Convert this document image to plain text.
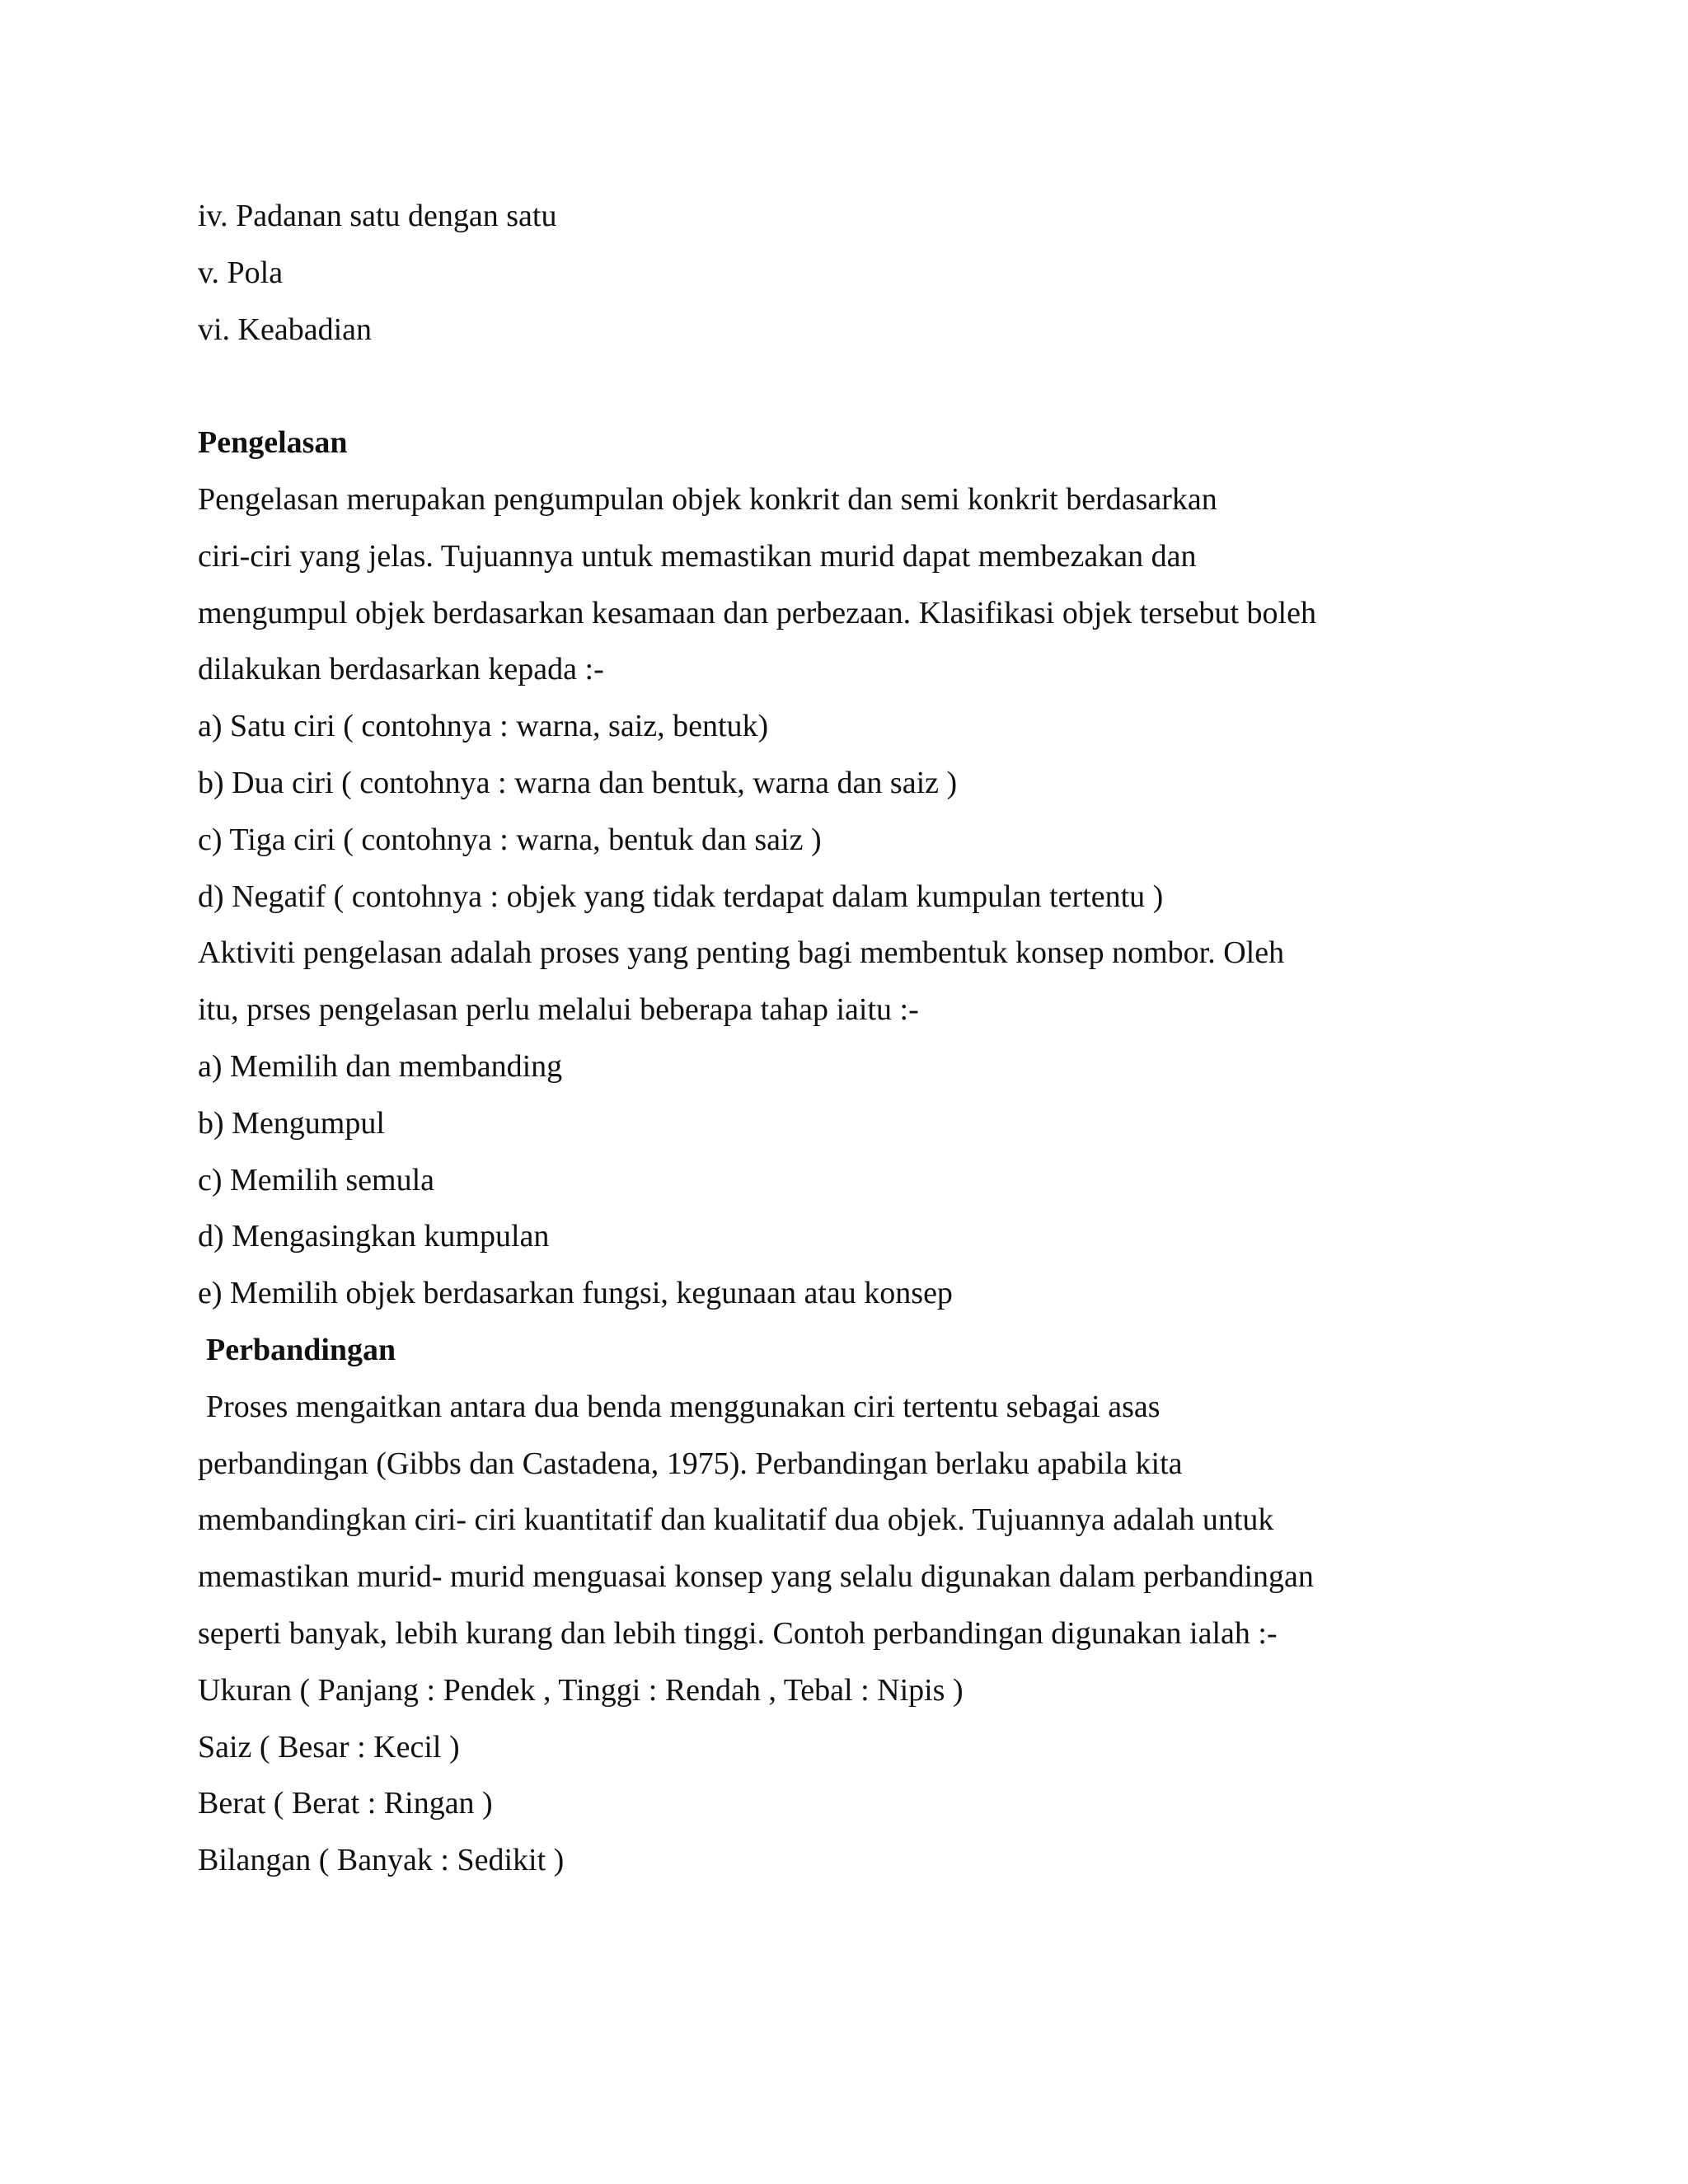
iv. Padanan satu dengan satu
v. Pola
vi. Keabadian
Pengelasan
Pengelasan merupakan pengumpulan objek konkrit dan semi konkrit berdasarkan
ciri-ciri yang jelas. Tujuannya untuk memastikan murid dapat membezakan dan
mengumpul objek berdasarkan kesamaan dan perbezaan. Klasifikasi objek tersebut boleh
dilakukan berdasarkan kepada :-
a) Satu ciri ( contohnya : warna, saiz, bentuk)
b) Dua ciri ( contohnya : warna dan bentuk, warna dan saiz )
c) Tiga ciri ( contohnya : warna, bentuk dan saiz )
d) Negatif ( contohnya : objek yang tidak terdapat dalam kumpulan tertentu )
Aktiviti pengelasan adalah proses yang penting bagi membentuk konsep nombor. Oleh
itu, prses pengelasan perlu melalui beberapa tahap iaitu :-
a) Memilih dan membanding
b) Mengumpul
c) Memilih semula
d) Mengasingkan kumpulan
e) Memilih objek berdasarkan fungsi, kegunaan atau konsep
Perbandingan
Proses mengaitkan antara dua benda menggunakan ciri tertentu sebagai asas
perbandingan (Gibbs dan Castadena, 1975). Perbandingan berlaku apabila kita
membandingkan ciri- ciri kuantitatif dan kualitatif dua objek. Tujuannya adalah untuk
memastikan murid- murid menguasai konsep yang selalu digunakan dalam perbandingan
seperti banyak, lebih kurang dan lebih tinggi. Contoh perbandingan digunakan ialah :-
Ukuran ( Panjang : Pendek , Tinggi : Rendah , Tebal : Nipis )
Saiz ( Besar : Kecil )
Berat ( Berat : Ringan )
Bilangan ( Banyak : Sedikit )
